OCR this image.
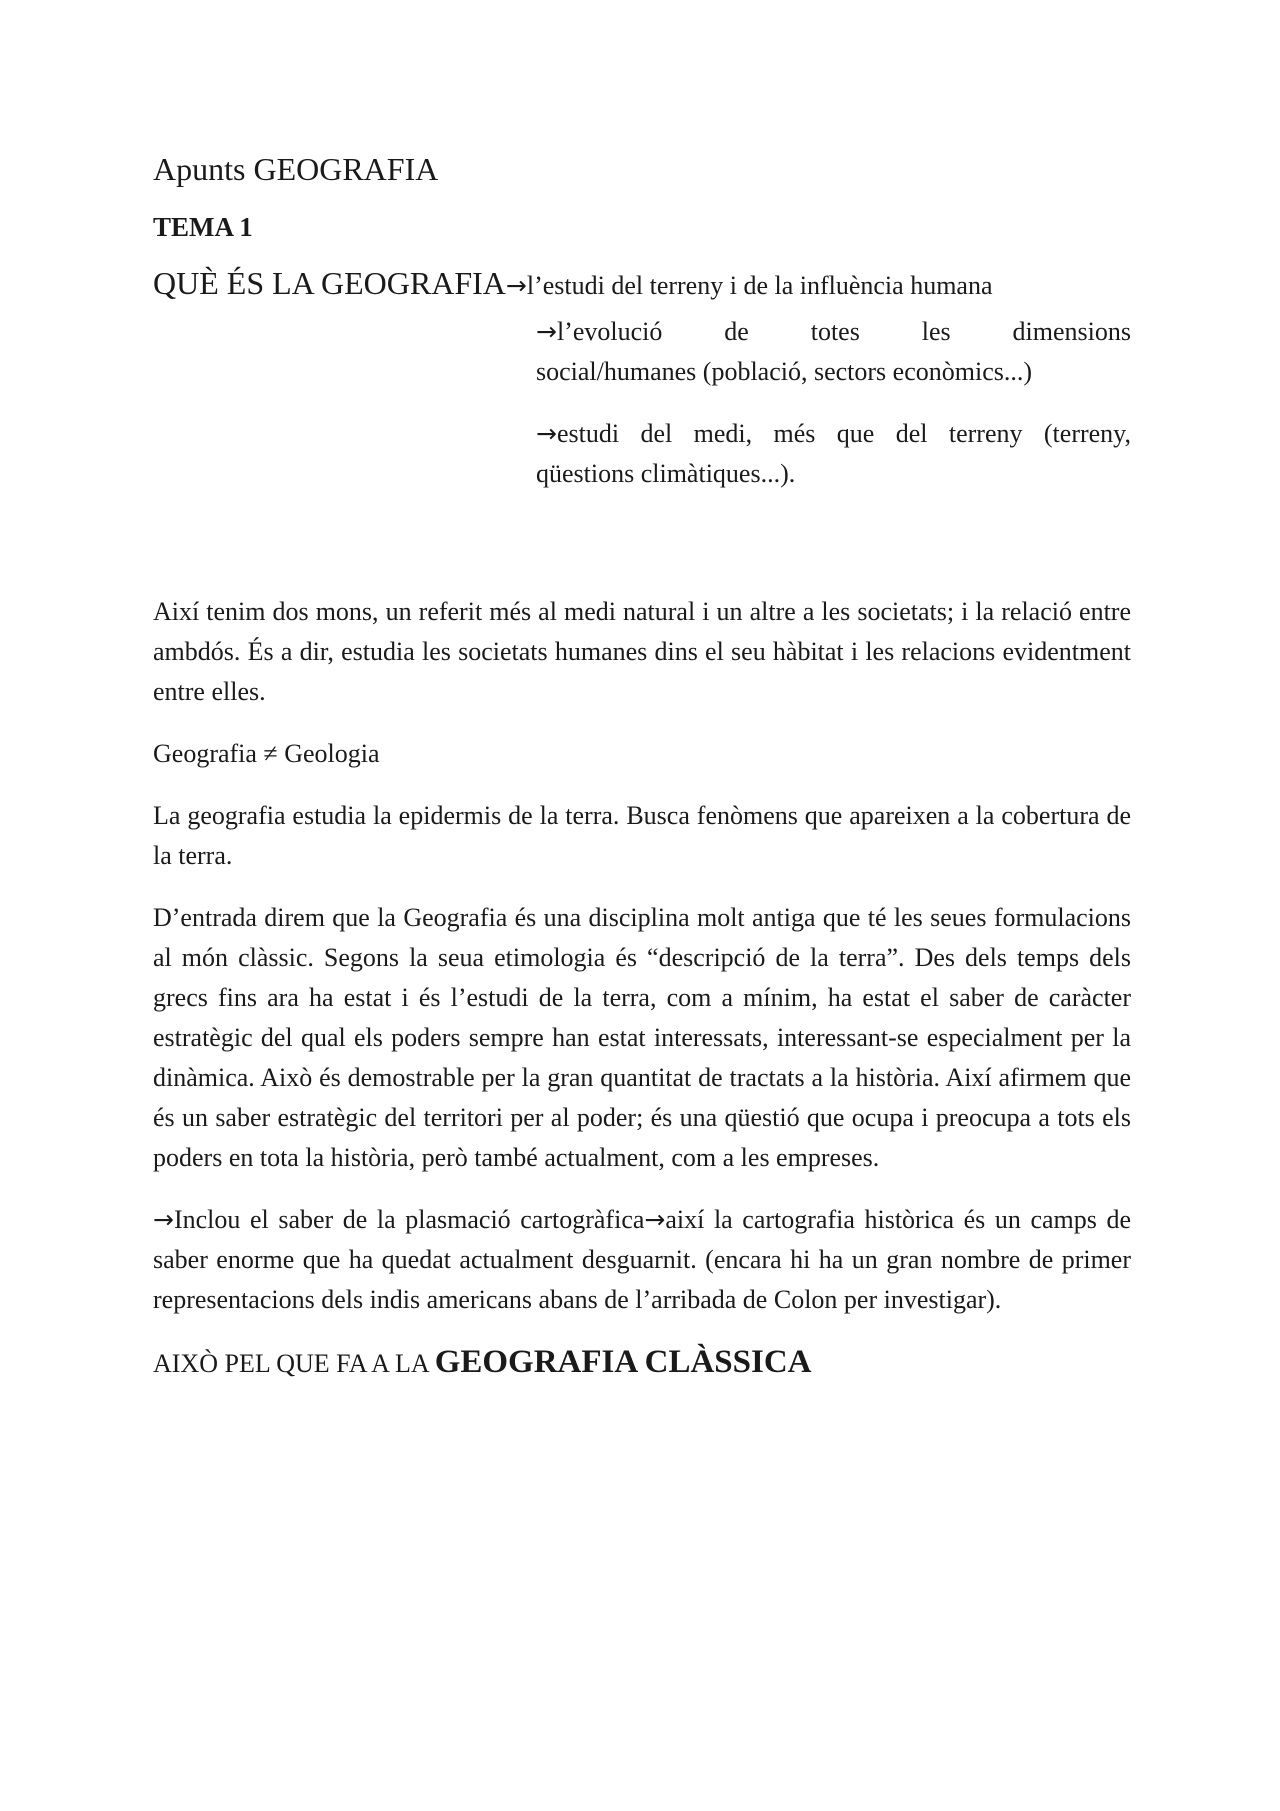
Apunts GEOGRAFIA
TEMA 1
QUÈ ÉS LA GEOGRAFIA → l’estudi del terreny i de la influència humana
→l’evolució de totes les dimensions
social/humanes (població, sectors econòmics...)
→estudi del medi, més que del terreny (terreny,
qüestions climàtiques...).

Així tenim dos mons, un referit més al medi natural i un altre a les societats; i la relació entre ambdós. És a dir, estudia les societats humanes dins el seu hàbitat i les relacions evidentment entre elles.

Geografia ≠ Geologia

La geografia estudia la epidermis de la terra. Busca fenòmens que apareixen a la cobertura de la terra.

D’entrada direm que la Geografia és una disciplina molt antiga que té les seues formulacions al món clàssic. Segons la seua etimologia és “descripció de la terra”. Des dels temps dels grecs fins ara ha estat i és l’estudi de la terra, com a mínim, ha estat el saber de caràcter estratègic del qual els poders sempre han estat interessats, interessant-se especialment per la dinàmica. Això és demostrable per la gran quantitat de tractats a la història. Així afirmem que és un saber estratègic del territori per al poder; és una qüestió que ocupa i preocupa a tots els poders en tota la història, però també actualment, com a les empreses.

→Inclou el saber de la plasmació cartogràfica→així la cartografia històrica és un camps de saber enorme que ha quedat actualment desguarnit. (encara hi ha un gran nombre de primer representacions dels indis americans abans de l’arribada de Colon per investigar).

AIXÒ PEL QUE FA A LA GEOGRAFIA CLÀSSICA
